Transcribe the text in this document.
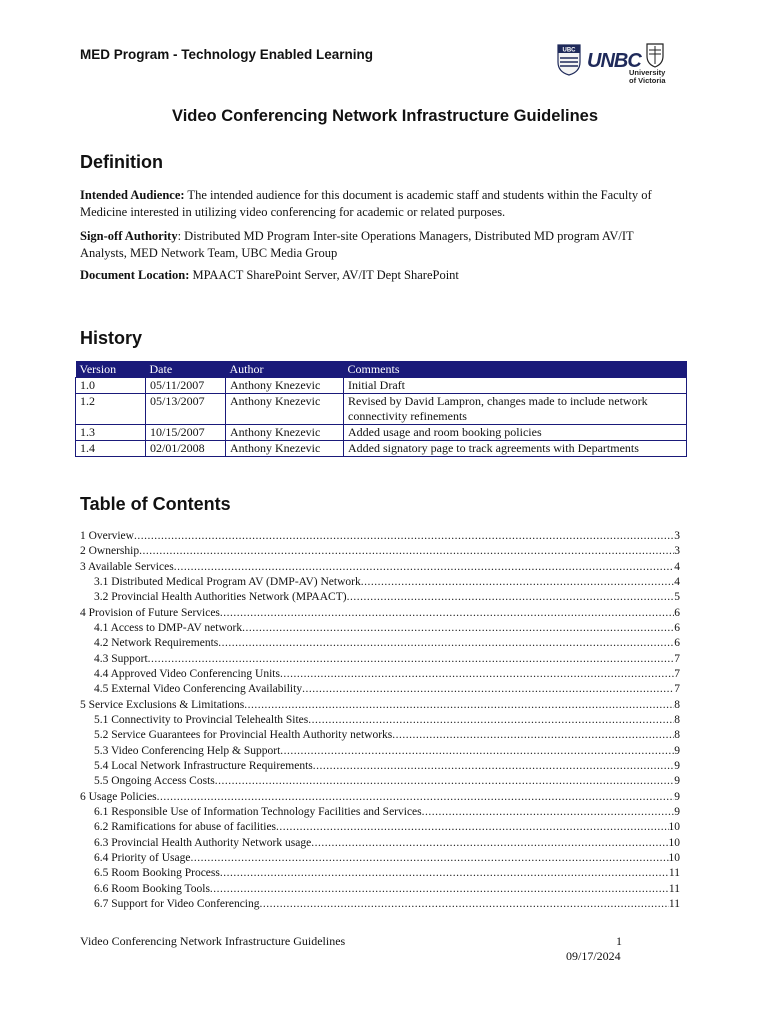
MED Program - Technology Enabled Learning	UBC UNBC
University
of Victoria
Video Conferencing Network Infrastructure Guidelines
Definition
Intended Audience: The intended audience for this document is academic staff and students within the Faculty of Medicine interested in utilizing video conferencing for academic or related purposes.
Sign-off Authority: Distributed MD Program Inter-site Operations Managers, Distributed MD program AV/IT Analysts, MED Network Team, UBC Media Group
Document Location: MPAACT SharePoint Server, AV/IT Dept SharePoint
History
Version	Date	Author	Comments
1.0	05/11/2007	Anthony Knezevic	Initial Draft
1.2	05/13/2007	Anthony Knezevic	Revised by David Lampron, changes made to include network connectivity refinements
1.3	10/15/2007	Anthony Knezevic	Added usage and room booking policies
1.4	02/01/2008	Anthony Knezevic	Added signatory page to track agreements with Departments
Table of Contents
1 Overview .....	3
2 Ownership .....	3
3 Available Services .....	4
3.1 Distributed Medical Program AV (DMP-AV) Network .....	4
3.2 Provincial Health Authorities Network (MPAACT) .....	5
4 Provision of Future Services .....	6
4.1 Access to DMP-AV network .....	6
4.2 Network Requirements .....	6
4.3 Support .....	7
4.4 Approved Video Conferencing Units .....	7
4.5 External Video Conferencing Availability .....	7
5 Service Exclusions & Limitations .....	8
5.1 Connectivity to Provincial Telehealth Sites .....	8
5.2 Service Guarantees for Provincial Health Authority networks .....	8
5.3 Video Conferencing Help & Support .....	9
5.4 Local Network Infrastructure Requirements .....	9
5.5 Ongoing Access Costs .....	9
6 Usage Policies .....	9
6.1 Responsible Use of Information Technology Facilities and Services .....	9
6.2 Ramifications for abuse of facilities .....	10
6.3 Provincial Health Authority Network usage .....	10
6.4 Priority of Usage .....	10
6.5 Room Booking Process .....	11
6.6 Room Booking Tools .....	11
6.7 Support for Video Conferencing .....	11
Video Conferencing Network Infrastructure Guidelines	1
09/17/2024
